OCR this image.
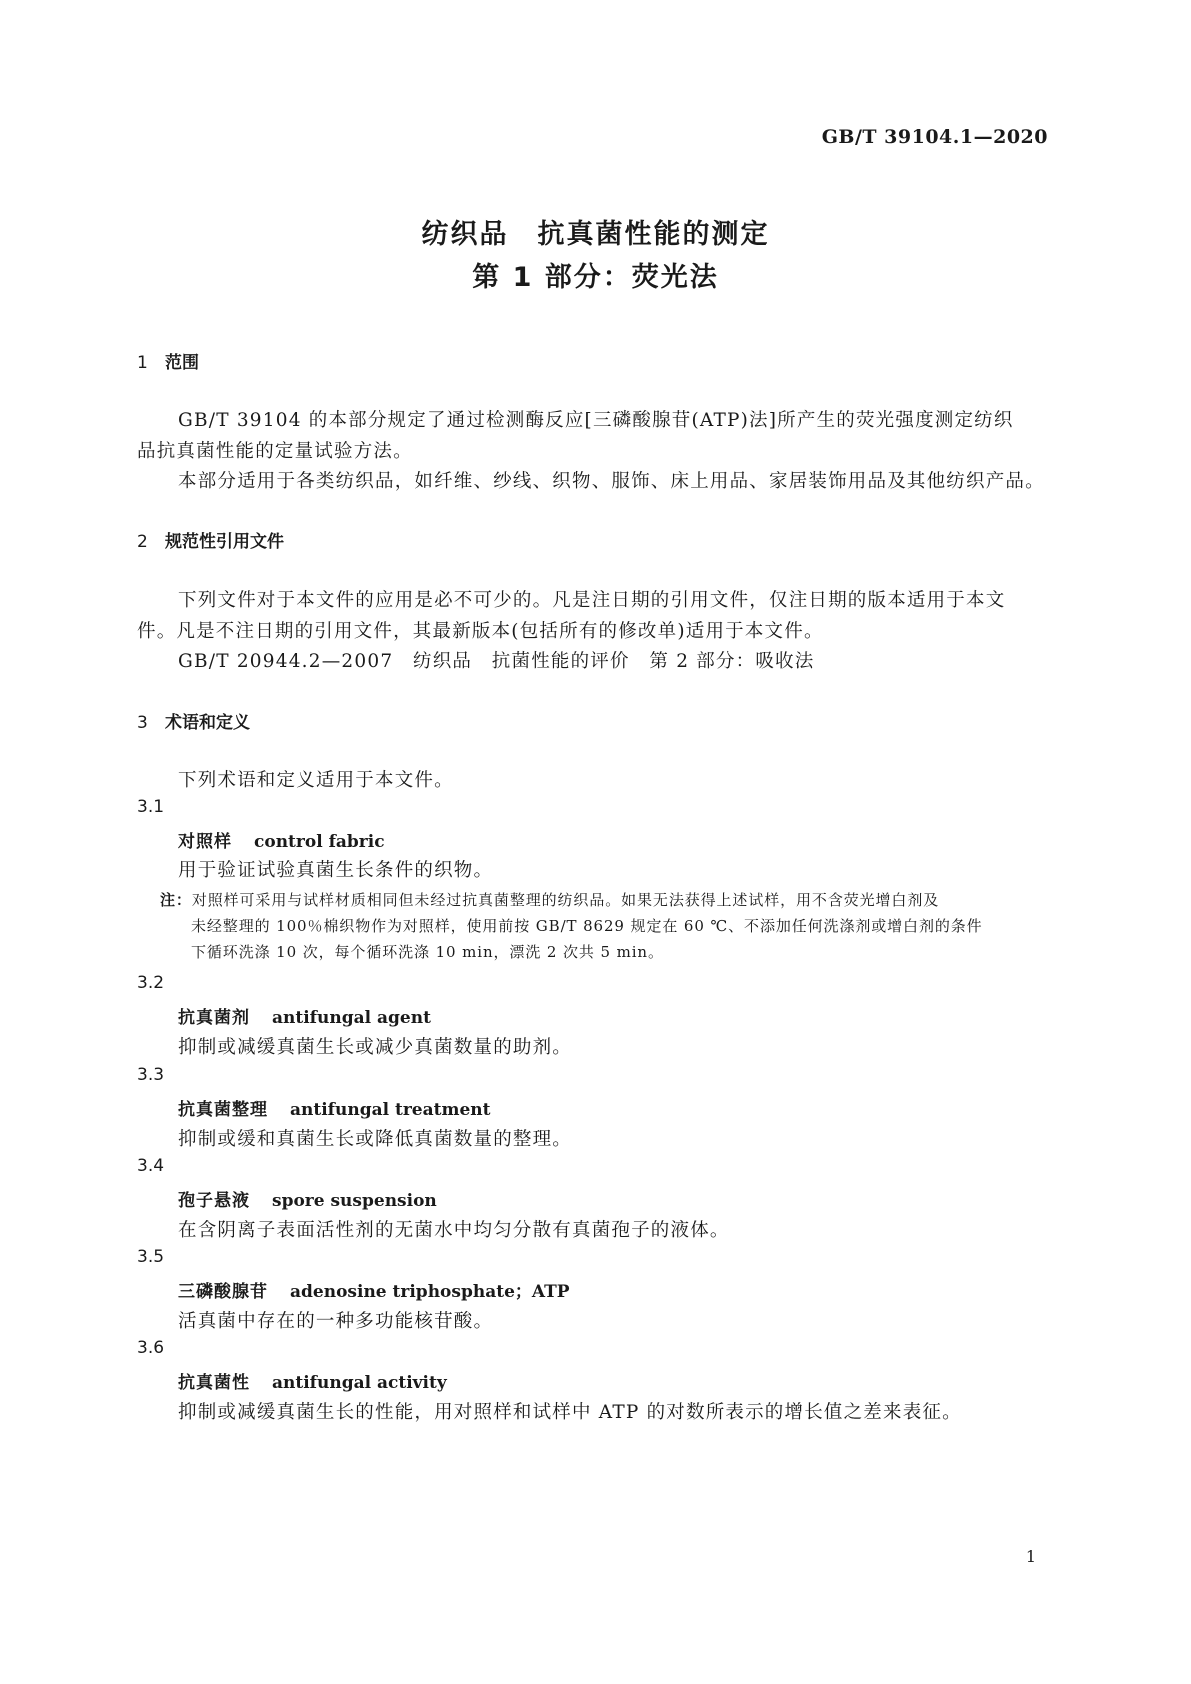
GB/T 39104.1—2020
纺织品　抗真菌性能的测定
第 1 部分：荧光法
1 范围
GB/T 39104 的本部分规定了通过检测酶反应[三磷酸腺苷(ATP)法]所产生的荧光强度测定纺织
品抗真菌性能的定量试验方法。
本部分适用于各类纺织品，如纤维、纱线、织物、服饰、床上用品、家居装饰用品及其他纺织产品。
2 规范性引用文件
下列文件对于本文件的应用是必不可少的。凡是注日期的引用文件，仅注日期的版本适用于本文
件。凡是不注日期的引用文件，其最新版本(包括所有的修改单)适用于本文件。
GB/T 20944.2—2007　纺织品　抗菌性能的评价　第 2 部分：吸收法
3 术语和定义
下列术语和定义适用于本文件。
3.1
对照样 control fabric
用于验证试验真菌生长条件的织物。
注：对照样可采用与试样材质相同但未经过抗真菌整理的纺织品。如果无法获得上述试样，用不含荧光增白剂及
未经整理的 100％棉织物作为对照样，使用前按 GB/T 8629 规定在 60 ℃、不添加任何洗涤剂或增白剂的条件
下循环洗涤 10 次，每个循环洗涤 10 min，漂洗 2 次共 5 min。
3.2
抗真菌剂 antifungal agent
抑制或减缓真菌生长或减少真菌数量的助剂。
3.3
抗真菌整理 antifungal treatment
抑制或缓和真菌生长或降低真菌数量的整理。
3.4
孢子悬液 spore suspension
在含阴离子表面活性剂的无菌水中均匀分散有真菌孢子的液体。
3.5
三磷酸腺苷 adenosine triphosphate；ATP
活真菌中存在的一种多功能核苷酸。
3.6
抗真菌性 antifungal activity
抑制或减缓真菌生长的性能，用对照样和试样中 ATP 的对数所表示的增长值之差来表征。
1
